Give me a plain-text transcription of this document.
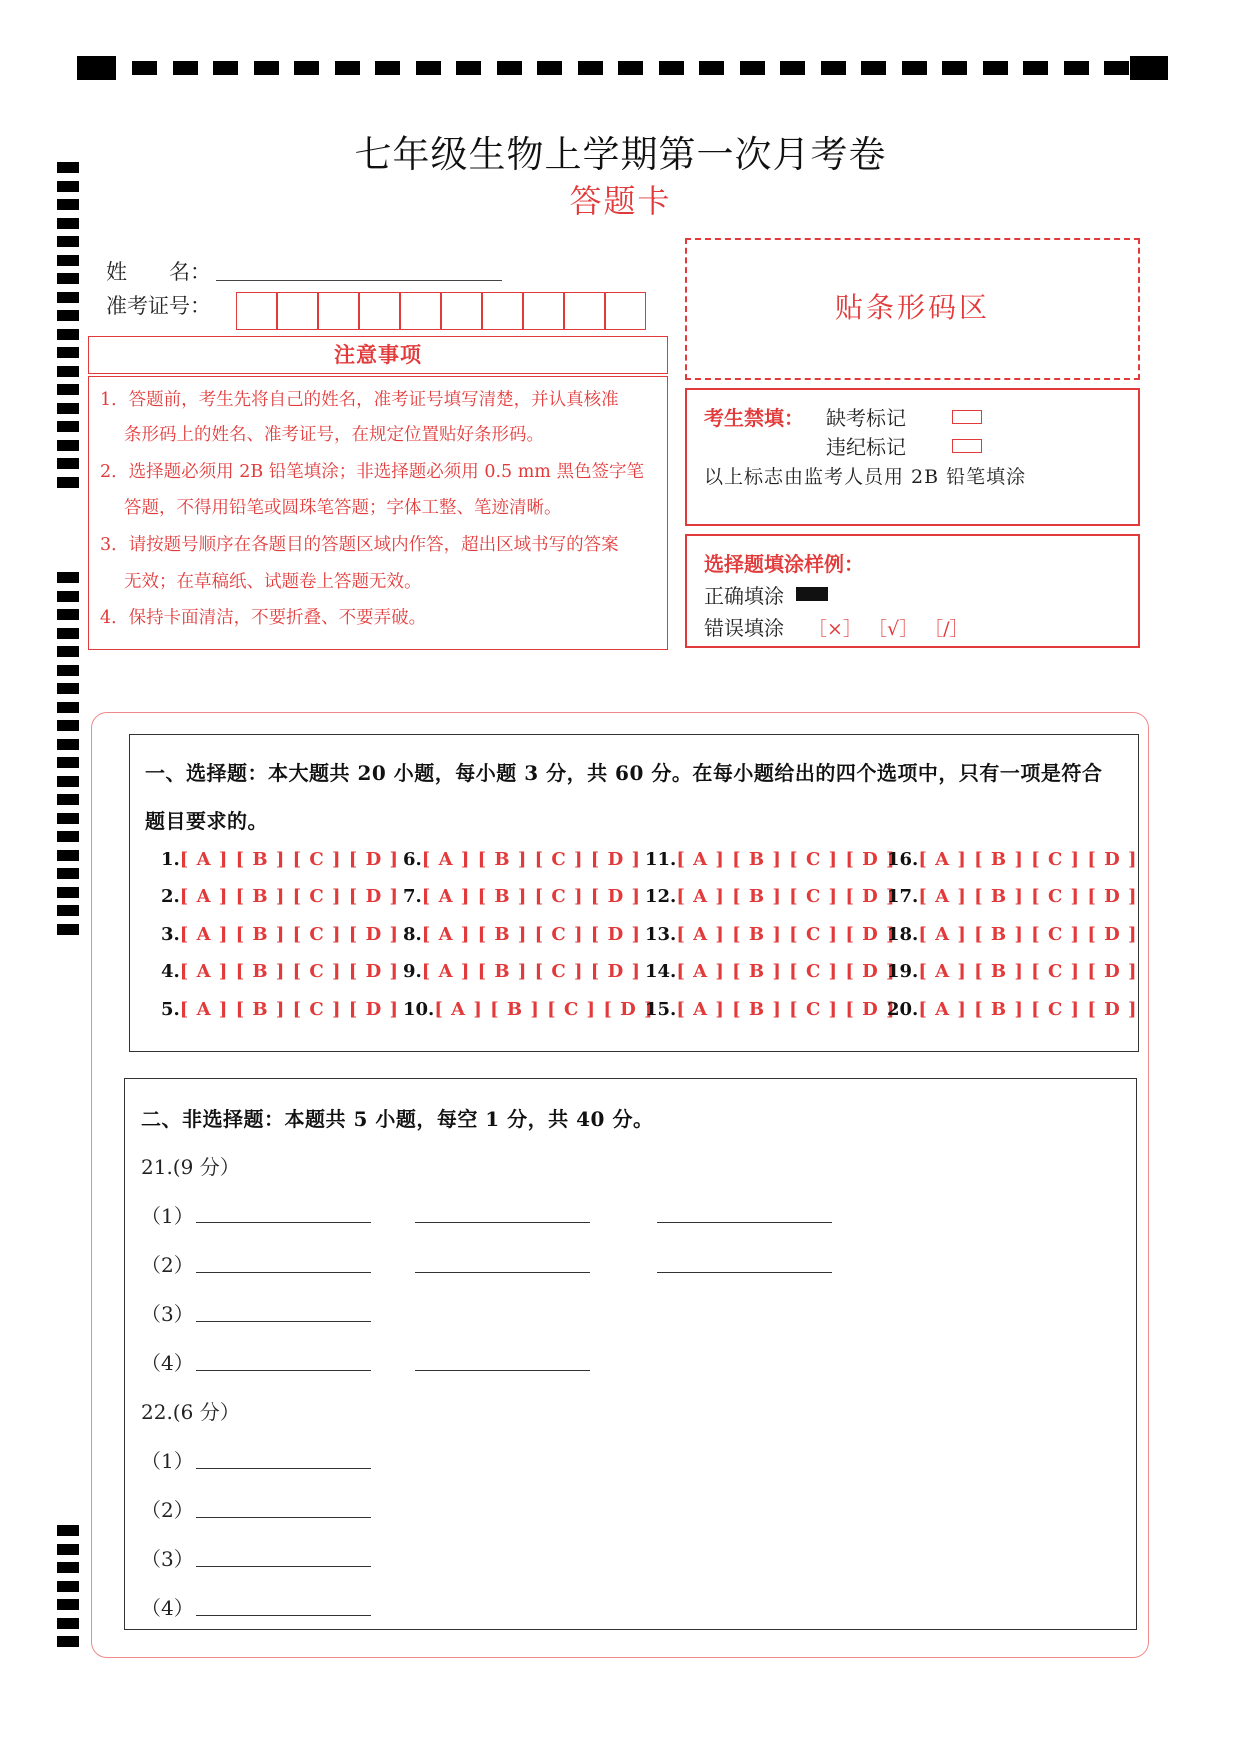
七年级生物上学期第一次月考卷
答题卡
姓　　名：
准考证号：
注意事项
1．答题前，考生先将自己的姓名，准考证号填写清楚，并认真核准
条形码上的姓名、准考证号，在规定位置贴好条形码。
2．选择题必须用 2B 铅笔填涂；非选择题必须用 0.5 mm 黑色签字笔
答题，不得用铅笔或圆珠笔答题；字体工整、笔迹清晰。
3．请按题号顺序在各题目的答题区域内作答，超出区域书写的答案
无效；在草稿纸、试题卷上答题无效。
4．保持卡面清洁，不要折叠、不要弄破。
贴条形码区
考生禁填： 缺考标记
违纪标记
以上标志由监考人员用 2B 铅笔填涂
选择题填涂样例：
正确填涂
错误填涂 ［×］ ［√］ ［/］
一、选择题：本大题共 20 小题，每小题 3 分，共 60 分。在每小题给出的四个选项中，只有一项是符合
题目要求的。
1.[ A ] [ B ] [ C ] [ D ]
2.[ A ] [ B ] [ C ] [ D ]
3.[ A ] [ B ] [ C ] [ D ]
4.[ A ] [ B ] [ C ] [ D ]
5.[ A ] [ B ] [ C ] [ D ]
6.[ A ] [ B ] [ C ] [ D ]
7.[ A ] [ B ] [ C ] [ D ]
8.[ A ] [ B ] [ C ] [ D ]
9.[ A ] [ B ] [ C ] [ D ]
10.[ A ] [ B ] [ C ] [ D ]
11.[ A ] [ B ] [ C ] [ D ]
12.[ A ] [ B ] [ C ] [ D ]
13.[ A ] [ B ] [ C ] [ D ]
14.[ A ] [ B ] [ C ] [ D ]
15.[ A ] [ B ] [ C ] [ D ]
16.[ A ] [ B ] [ C ] [ D ]
17.[ A ] [ B ] [ C ] [ D ]
18.[ A ] [ B ] [ C ] [ D ]
19.[ A ] [ B ] [ C ] [ D ]
20.[ A ] [ B ] [ C ] [ D ]
二、非选择题：本题共 5 小题，每空 1 分，共 40 分。
21.(9 分）
（1）
（2）
（3）
（4）
22.(6 分）
（1）
（2）
（3）
（4）
